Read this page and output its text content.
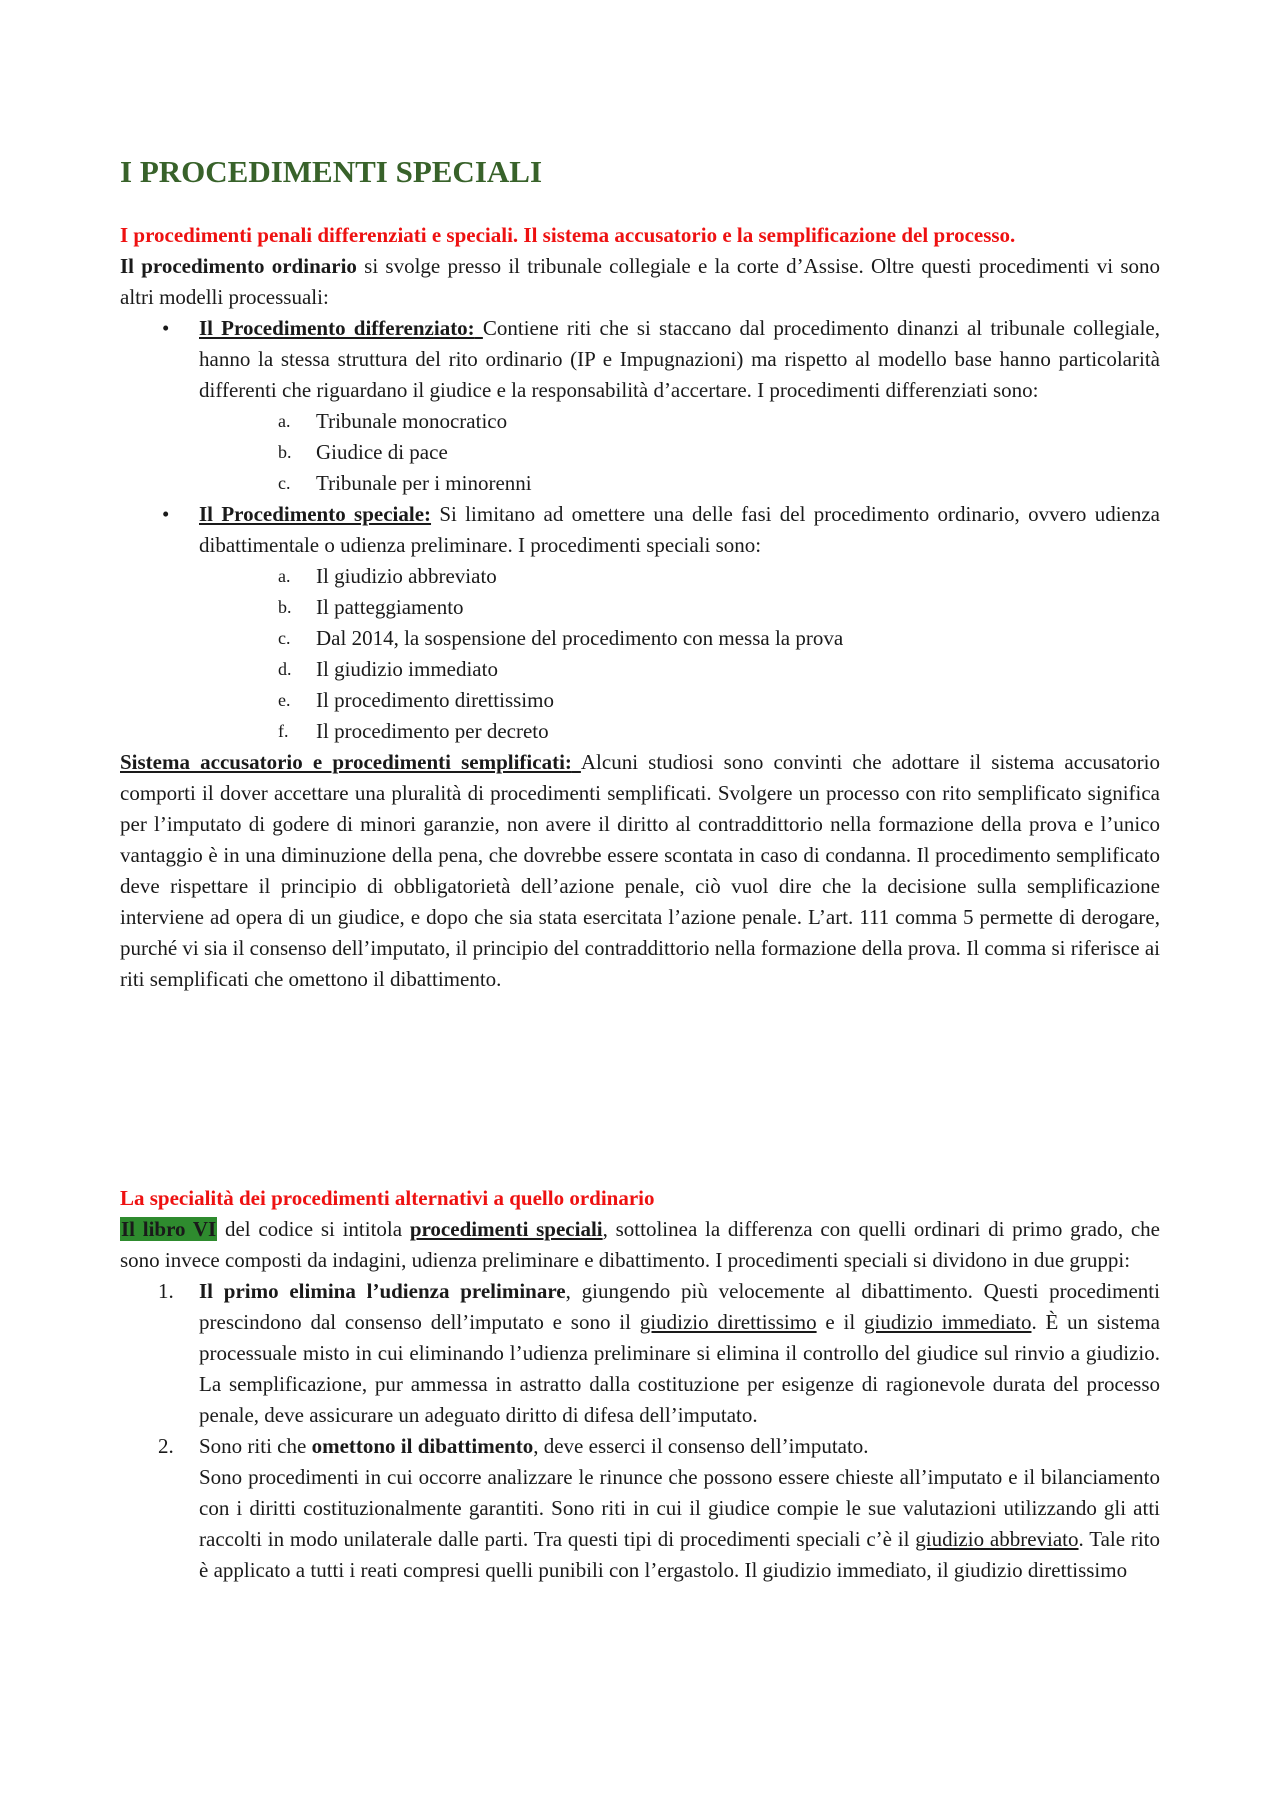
I PROCEDIMENTI SPECIALI

I procedimenti penali differenziati e speciali. Il sistema accusatorio e la semplificazione del processo.

Il procedimento ordinario si svolge presso il tribunale collegiale e la corte d’Assise. Oltre questi procedimenti vi sono altri modelli processuali:

• Il Procedimento differenziato: Contiene riti che si staccano dal procedimento dinanzi al tribunale collegiale, hanno la stessa struttura del rito ordinario (IP e Impugnazioni) ma rispetto al modello base hanno particolarità differenti che riguardano il giudice e la responsabilità d’accertare. I procedimenti differenziati sono:

a. Tribunale monocratico
b. Giudice di pace
c. Tribunale per i minorenni
• Il Procedimento speciale: Si limitano ad omettere una delle fasi del procedimento ordinario, ovvero udienza dibattimentale o udienza preliminare. I procedimenti speciali sono:

a. Il giudizio abbreviato
b. Il patteggiamento
c. Dal 2014, la sospensione del procedimento con messa la prova
d. Il giudizio immediato
e. Il procedimento direttissimo
f. Il procedimento per decreto

Sistema accusatorio e procedimenti semplificati: Alcuni studiosi sono convinti che adottare il sistema accusatorio comporti il dover accettare una pluralità di procedimenti semplificati. Svolgere un processo con rito semplificato significa per l’imputato di godere di minori garanzie, non avere il diritto al contraddittorio nella formazione della prova e l’unico vantaggio è in una diminuzione della pena, che dovrebbe essere scontata in caso di condanna. Il procedimento semplificato deve rispettare il principio di obbligatorietà dell’azione penale, ciò vuol dire che la decisione sulla semplificazione interviene ad opera di un giudice, e dopo che sia stata esercitata l’azione penale. L’art. 111 comma 5 permette di derogare, purché vi sia il consenso dell’imputato, il principio del contraddittorio nella formazione della prova. Il comma si riferisce ai riti semplificati che omettono il dibattimento.

La specialità dei procedimenti alternativi a quello ordinario

Il libro VI del codice si intitola procedimenti speciali, sottolinea la differenza con quelli ordinari di primo grado, che sono invece composti da indagini, udienza preliminare e dibattimento. I procedimenti speciali si dividono in due gruppi:

1. Il primo elimina l’udienza preliminare, giungendo più velocemente al dibattimento. Questi procedimenti prescindono dal consenso dell’imputato e sono il giudizio direttissimo e il giudizio immediato. È un sistema processuale misto in cui eliminando l’udienza preliminare si elimina il controllo del giudice sul rinvio a giudizio. La semplificazione, pur ammessa in astratto dalla costituzione per esigenze di ragionevole durata del processo penale, deve assicurare un adeguato diritto di difesa dell’imputato.

2. Sono riti che omettono il dibattimento, deve esserci il consenso dell’imputato.

Sono procedimenti in cui occorre analizzare le rinunce che possono essere chieste all’imputato e il bilanciamento con i diritti costituzionalmente garantiti. Sono riti in cui il giudice compie le sue valutazioni utilizzando gli atti raccolti in modo unilaterale dalle parti. Tra questi tipi di procedimenti speciali c’è il giudizio abbreviato. Tale rito è applicato a tutti i reati compresi quelli punibili con l’ergastolo. Il giudizio immediato, il giudizio direttissimo
